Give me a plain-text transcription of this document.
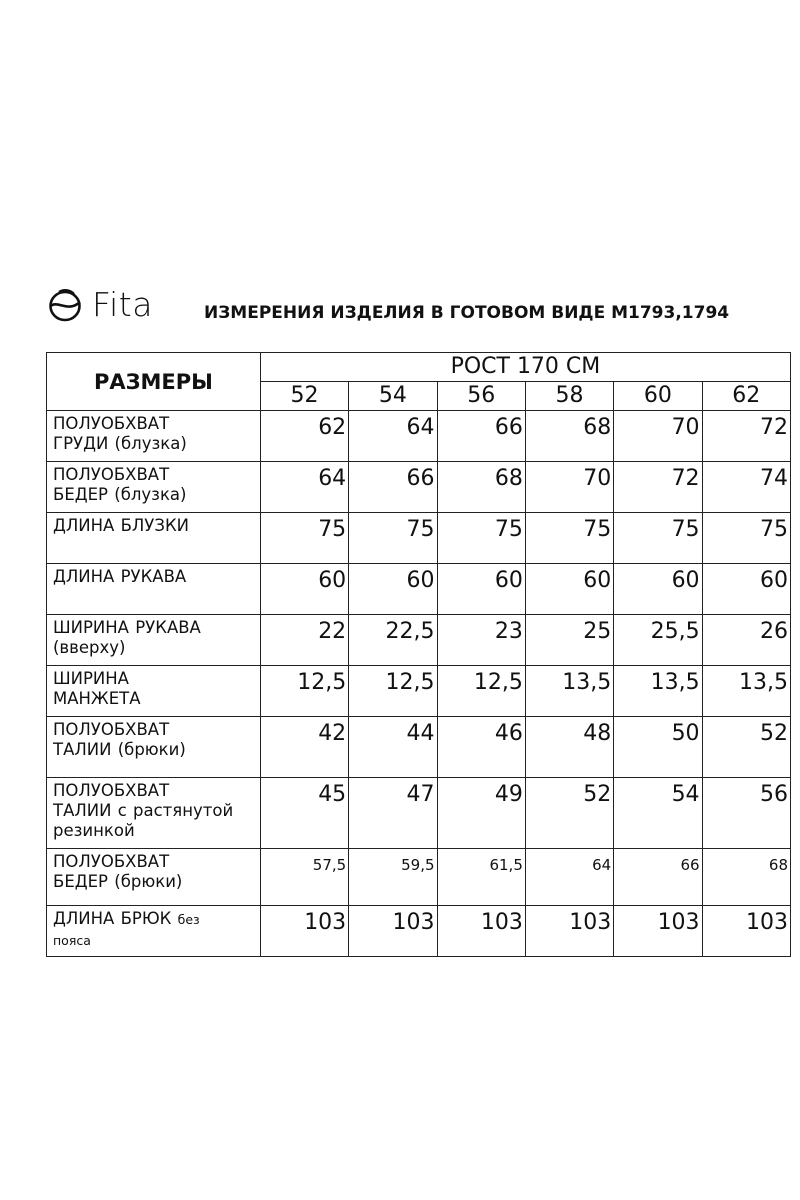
Fita	ИЗМЕРЕНИЯ ИЗДЕЛИЯ В ГОТОВОМ ВИДЕ М1793,1794
РАЗМЕРЫ	РОСТ 170 СМ					
	52	54	56	58	60	62
ПОЛУОБХВАТ
ГРУДИ (блузка)	62	64	66	68	70	72
ПОЛУОБХВАТ
БЕДЕР (блузка)	64	66	68	70	72	74
ДЛИНА БЛУЗКИ	75	75	75	75	75	75
ДЛИНА РУКАВА	60	60	60	60	60	60
ШИРИНА РУКАВА
(вверху)	22	22,5	23	25	25,5	26
ШИРИНА
МАНЖЕТА	12,5	12,5	12,5	13,5	13,5	13,5
ПОЛУОБХВАТ
ТАЛИИ (брюки)	42	44	46	48	50	52
ПОЛУОБХВАТ
ТАЛИИ с растянутой
резинкой	45	47	49	52	54	56
ПОЛУОБХВАТ
БЕДЕР (брюки)	57,5	59,5	61,5	64	66	68
ДЛИНА БРЮК без
пояса	103	103	103	103	103	103
